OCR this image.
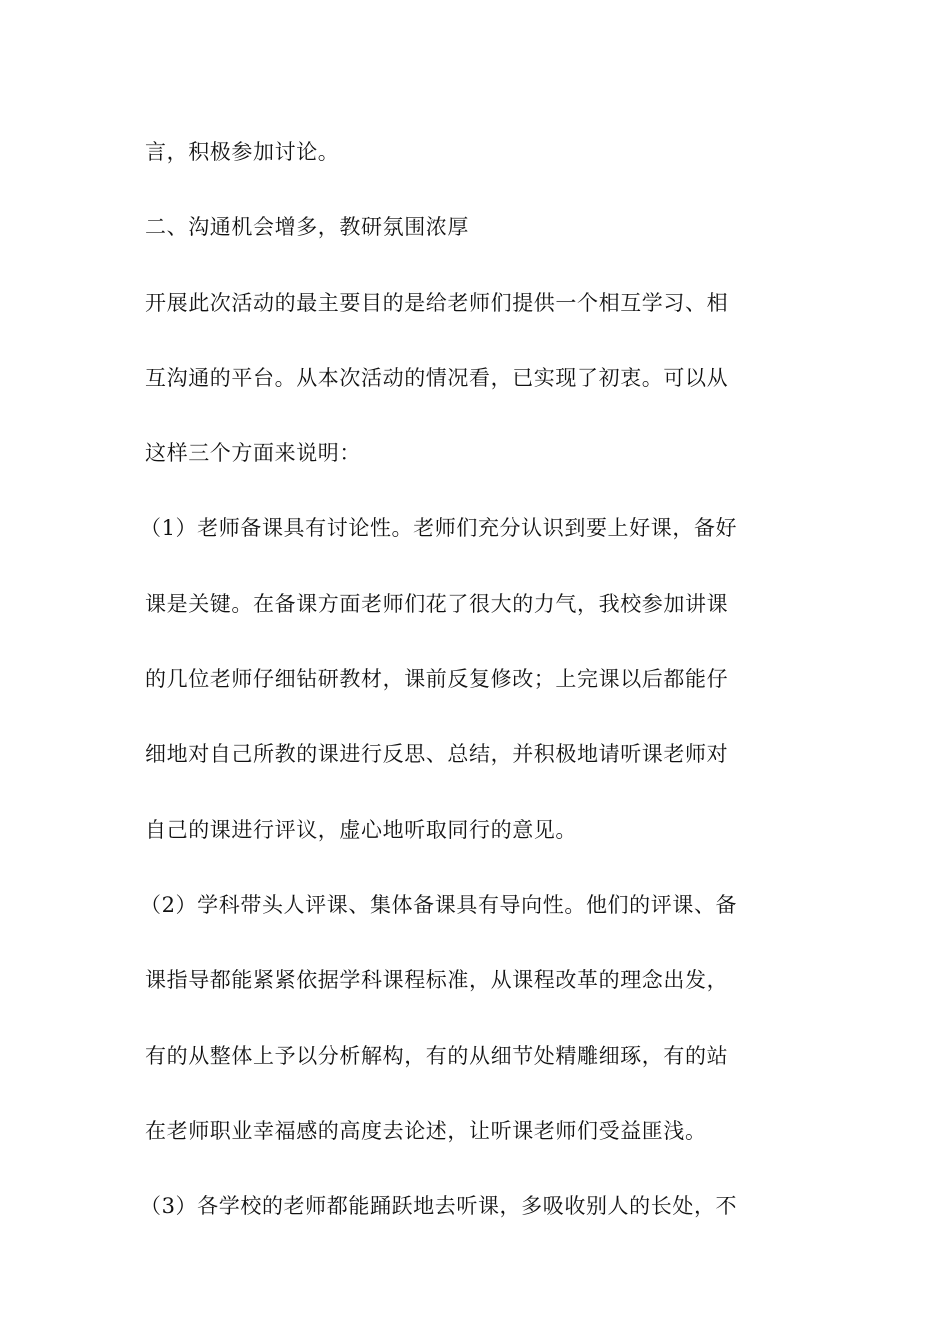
言，积极参加讨论。
二、沟通机会增多，教研氛围浓厚
开展此次活动的最主要目的是给老师们提供一个相互学习、相
互沟通的平台。从本次活动的情况看，已实现了初衷。可以从
这样三个方面来说明：
（1）老师备课具有讨论性。老师们充分认识到要上好课，备好
课是关键。在备课方面老师们花了很大的力气，我校参加讲课
的几位老师仔细钻研教材，课前反复修改；上完课以后都能仔
细地对自己所教的课进行反思、总结，并积极地请听课老师对
自己的课进行评议，虚心地听取同行的意见。
（2）学科带头人评课、集体备课具有导向性。他们的评课、备
课指导都能紧紧依据学科课程标准，从课程改革的理念出发，
有的从整体上予以分析解构，有的从细节处精雕细琢，有的站
在老师职业幸福感的高度去论述，让听课老师们受益匪浅。
（3）各学校的老师都能踊跃地去听课，多吸收别人的长处，不
